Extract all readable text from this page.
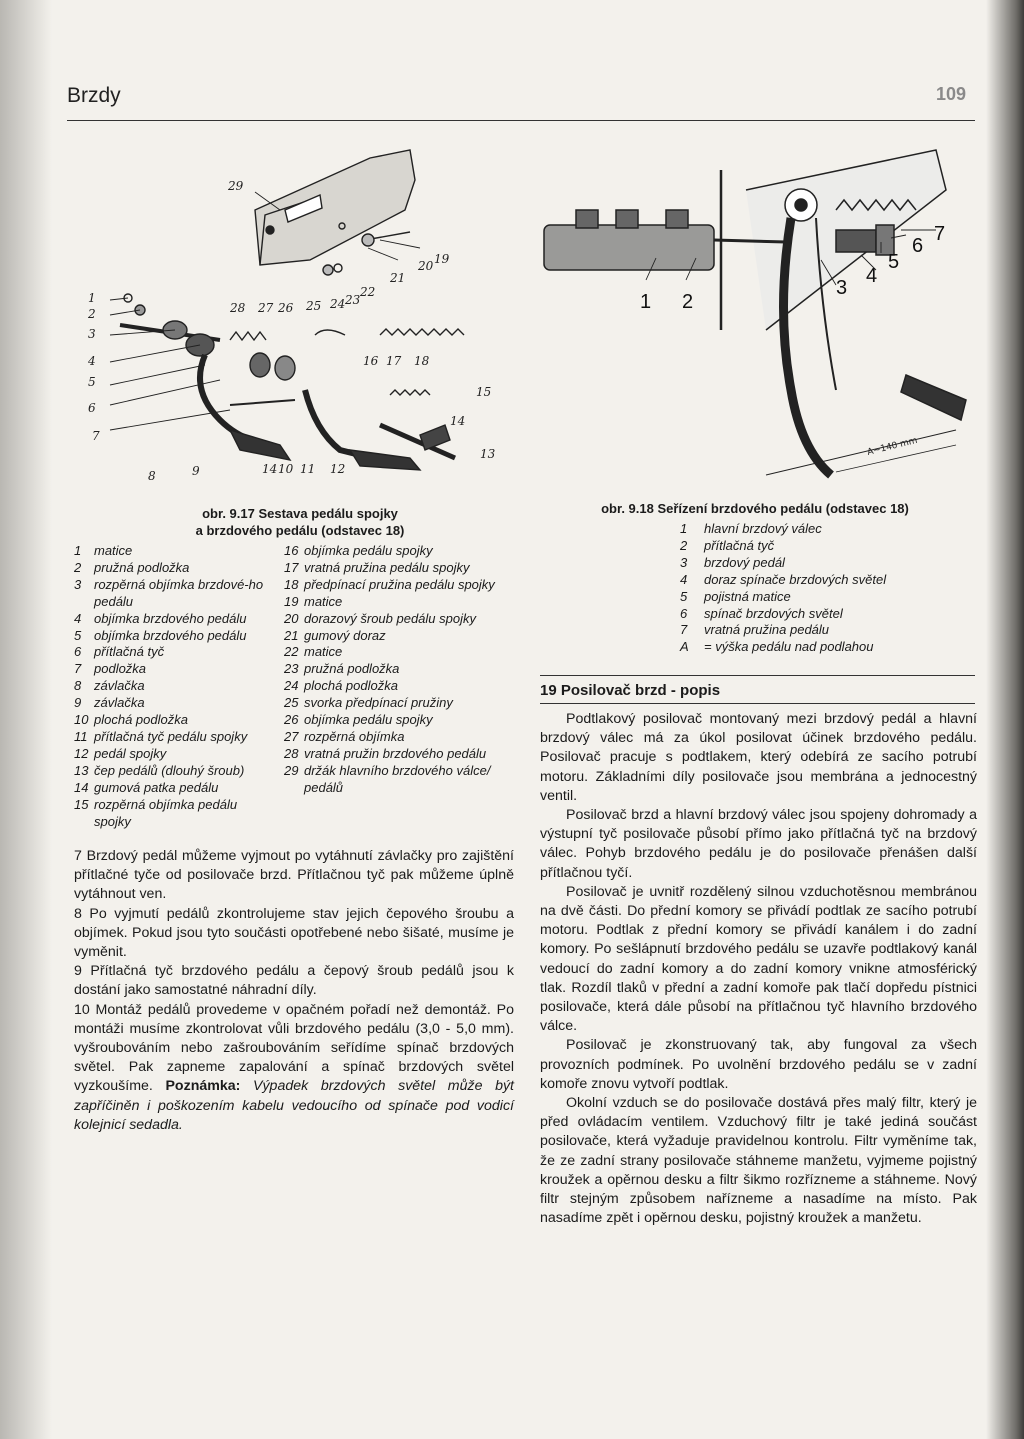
Brzdy	109
1
2
3
4
5
6
7
8	9	14 10 11 12
13
14
15
16 17 18
19
20
21
22
23
24
25
26
27
28
29
obr. 9.17 Sestava pedálu spojky
a brzdového pedálu (odstavec 18)
1 matice
2 pružná podložka
3 rozpěrná objímka brzdové-ho pedálu
4 objímka brzdového pedálu
5 objímka brzdového pedálu
6 přítlačná tyč
7 podložka
8 závlačka
9 závlačka
10 plochá podložka
11 přítlačná tyč pedálu spojky
12 pedál spojky
13 čep pedálů (dlouhý šroub)
14 gumová patka pedálu
15 rozpěrná objímka pedálu spojky
16 objímka pedálu spojky
17 vratná pružina pedálu spojky
18 předpínací pružina pedálu spojky
19 matice
20 dorazový šroub pedálu spojky
21 gumový doraz
22 matice
23 pružná podložka
24 plochá podložka
25 svorka předpínací pružiny
26 objímka pedálu spojky
27 rozpěrná objímka
28 vratná pružin brzdového pedálu
29 držák hlavního brzdového válce/ pedálů
1 2
3
4
5
6
7
A~140 mm
obr. 9.18 Seřízení brzdového pedálu (odstavec 18)
1	hlavní brzdový válec
2	přítlačná tyč
3	brzdový pedál
4	doraz spínače brzdových světel
5	pojistná matice
6	spínač brzdových světel
7	vratná pružina pedálu
A	= výška pedálu nad podlahou
19 Posilovač brzd - popis

7 Brzdový pedál můžeme vyjmout po vytáhnutí závlačky pro zajištění přítlačné tyče od posilovače brzd. Přítlačnou tyč pak můžeme úplně vytáhnout ven.

8 Po vyjmutí pedálů zkontrolujeme stav jejich čepového šroubu a objímek. Pokud jsou tyto součásti opotřebené nebo šišaté, musíme je vyměnit.

9 Přítlačná tyč brzdového pedálu a čepový šroub pedálů jsou k dostání jako samostatné náhradní díly.

10 Montáž pedálů provedeme v opačném pořadí než demontáž. Po montáži musíme zkontrolovat vůli brzdového pedálu (3,0 - 5,0 mm). vyšroubováním nebo zašroubováním seřídíme spínač brzdových světel. Pak zapneme zapalování a spínač brzdových světel vyzkoušíme. Poznámka: Výpadek brzdových světel může být zapříčiněn i poškozením kabelu vedoucího od spínače pod vodicí kolejnicí sedadla.

Podtlakový posilovač montovaný mezi brzdový pedál a hlavní brzdový válec má za úkol posilovat účinek brzdového pedálu. Posilovač pracuje s podtlakem, který odebírá ze sacího potrubí motoru. Základními díly posilovače jsou membrána a jednocestný ventil.

Posilovač brzd a hlavní brzdový válec jsou spojeny dohromady a výstupní tyč posilovače působí přímo jako přítlačná tyč na brzdový válec. Pohyb brzdového pedálu je do posilovače přenášen další přítlačnou tyčí.

Posilovač je uvnitř rozdělený silnou vzduchotěsnou membránou na dvě části. Do přední komory se přivádí podtlak ze sacího potrubí motoru. Podtlak z přední komory se přivádí kanálem i do zadní komory. Po sešlápnutí brzdového pedálu se uzavře podtlakový kanál vedoucí do zadní komory a do zadní komory vnikne atmosférický tlak. Rozdíl tlaků v přední a zadní komoře pak tlačí dopředu pístnici posilovače, která dále působí na přítlačnou tyč hlavního brzdového válce.

Posilovač je zkonstruovaný tak, aby fungoval za všech provozních podmínek. Po uvolnění brzdového pedálu se v zadní komoře znovu vytvoří podtlak.

Okolní vzduch se do posilovače dostává přes malý filtr, který je před ovládacím ventilem. Vzduchový filtr je také jediná součást posilovače, která vyžaduje pravidelnou kontrolu. Filtr vyměníme tak, že ze zadní strany posilovače stáhneme manžetu, vyjmeme pojistný kroužek a opěrnou desku a filtr šikmo rozřízneme a stáhneme. Nový filtr stejným způsobem nařízneme a nasadíme na místo. Pak nasadíme zpět i opěrnou desku, pojistný kroužek a manžetu.
